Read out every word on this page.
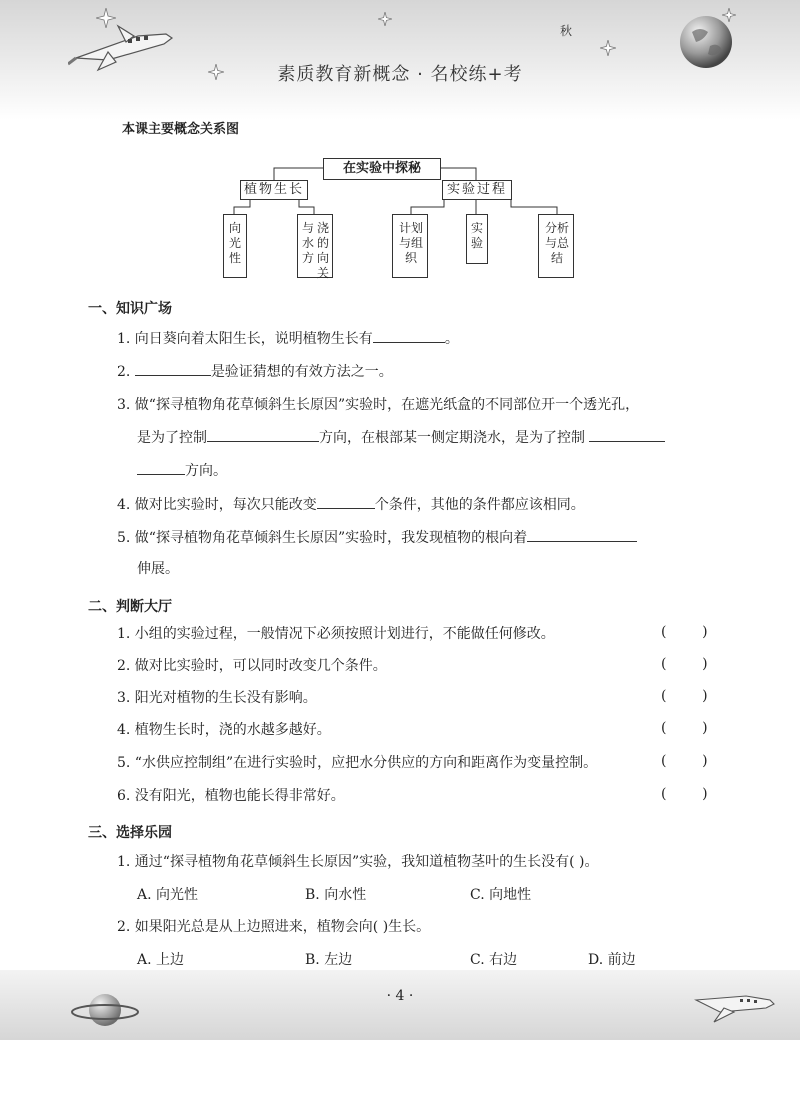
秋
素质教育新概念 · 名校练+考
本课主要概念关系图
在实验中探秘
植物生长	实验过程
向光性
与水方
浇的向关
计划与组织
实验
分析与总结
一、知识广场
1. 向日葵向着太阳生长，说明植物生长有	。
2.	是验证猜想的有效方法之一。
3. 做“探寻植物角花草倾斜生长原因”实验时，在遮光纸盒的不同部位开一个透光孔，
是为了控制	方向，在根部某一侧定期浇水，是为了控制
方向。
4. 做对比实验时，每次只能改变	个条件，其他的条件都应该相同。
5. 做“探寻植物角花草倾斜生长原因”实验时，我发现植物的根向着
伸展。
二、判断大厅
1. 小组的实验过程，一般情况下必须按照计划进行，不能做任何修改。	(        )
2. 做对比实验时，可以同时改变几个条件。	(        )
3. 阳光对植物的生长没有影响。	(        )
4. 植物生长时，浇的水越多越好。	(        )
5. “水供应控制组”在进行实验时，应把水分供应的方向和距离作为变量控制。	(        )
6. 没有阳光，植物也能长得非常好。	(        )
三、选择乐园
1. 通过“探寻植物角花草倾斜生长原因”实验，我知道植物茎叶的生长没有( )。
A. 向光性	B. 向水性	C. 向地性
2. 如果阳光总是从上边照进来，植物会向( )生长。
A. 上边	B. 左边	C. 右边	D. 前边
· 4 ·
